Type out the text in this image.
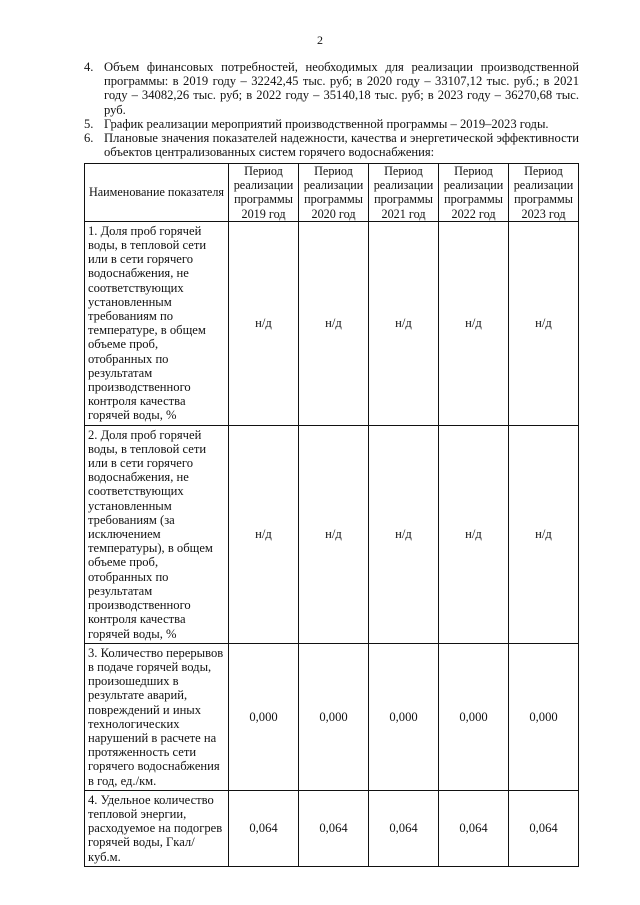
2
4. Объем финансовых потребностей, необходимых для реализации производственной программы: в 2019 году – 32242,45 тыс. руб; в 2020 году – 33107,12 тыс. руб.; в 2021 году – 34082,26 тыс. руб; в 2022 году – 35140,18 тыс. руб; в 2023 году – 36270,68 тыс. руб.
5. График реализации мероприятий производственной программы – 2019–2023 годы.
6. Плановые значения показателей надежности, качества и энергетической эффективности объектов централизованных систем горячего водоснабжения:
Наименование показателя	Период реализации программы 2019 год	Период реализации программы 2020 год	Период реализации программы 2021 год	Период реализации программы 2022 год	Период реализации программы 2023 год
1. Доля проб горячей воды, в тепловой сети или в сети горячего водоснабжения, не соответствующих установленным требованиям по температуре, в общем объеме проб, отобранных по результатам производственного контроля качества горячей воды, %	н/д	н/д	н/д	н/д	н/д
2. Доля проб горячей воды, в тепловой сети или в сети горячего водоснабжения, не соответствующих установленным требованиям (за исключением температуры), в общем объеме проб, отобранных по результатам производственного контроля качества горячей воды, %	н/д	н/д	н/д	н/д	н/д
3. Количество перерывов в подаче горячей воды, произошедших в результате аварий, повреждений и иных технологических нарушений в расчете на протяженность сети горячего водоснабжения в год, ед./км.	0,000	0,000	0,000	0,000	0,000
4. Удельное количество тепловой энергии, расходуемое на подогрев горячей воды, Гкал/куб.м.	0,064	0,064	0,064	0,064	0,064
